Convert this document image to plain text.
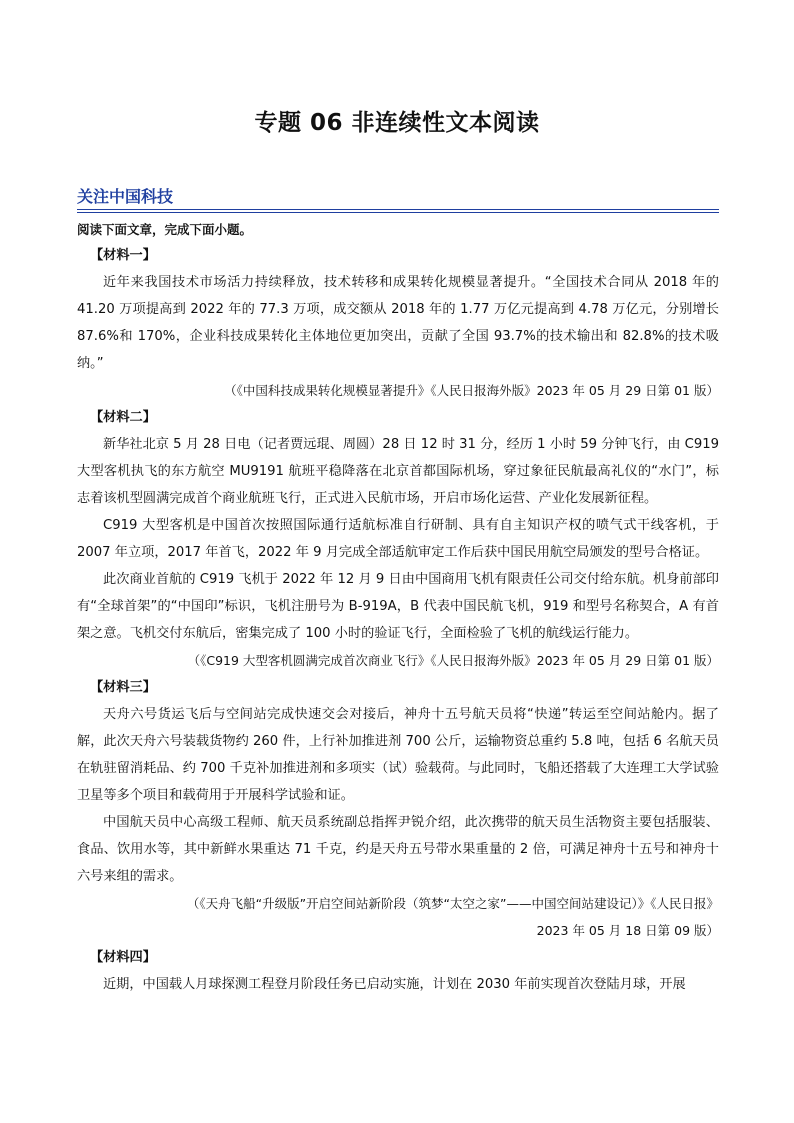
专题 06 非连续性文本阅读
关注中国科技

阅读下面文章，完成下面小题。

【材料一】

近年来我国技术市场活力持续释放，技术转移和成果转化规模显著提升。“全国技术合同从 2018 年的 41.20 万项提高到 2022 年的 77.3 万项，成交额从 2018 年的 1.77 万亿元提高到 4.78 万亿元，分别增长 87.6%和 170%，企业科技成果转化主体地位更加突出，贡献了全国 93.7%的技术输出和 82.8%的技术吸纳。”

（《中国科技成果转化规模显著提升》《人民日报海外版》2023 年 05 月 29 日第 01 版）

【材料二】

新华社北京 5 月 28 日电（记者贾远琨、周圆）28 日 12 时 31 分，经历 1 小时 59 分钟飞行，由 C919 大型客机执飞的东方航空 MU9191 航班平稳降落在北京首都国际机场，穿过象征民航最高礼仪的“水门”，标志着该机型圆满完成首个商业航班飞行，正式进入民航市场，开启市场化运营、产业化发展新征程。

C919 大型客机是中国首次按照国际通行适航标准自行研制、具有自主知识产权的喷气式干线客机，于 2007 年立项，2017 年首飞，2022 年 9 月完成全部适航审定工作后获中国民用航空局颁发的型号合格证。

此次商业首航的 C919 飞机于 2022 年 12 月 9 日由中国商用飞机有限责任公司交付给东航。机身前部印有“全球首架”的“中国印”标识，飞机注册号为 B-919A，B 代表中国民航飞机，919 和型号名称契合，A 有首架之意。飞机交付东航后，密集完成了 100 小时的验证飞行，全面检验了飞机的航线运行能力。

（《C919 大型客机圆满完成首次商业飞行》《人民日报海外版》2023 年 05 月 29 日第 01 版）

【材料三】

天舟六号货运飞后与空间站完成快速交会对接后，神舟十五号航天员将“快递”转运至空间站舱内。据了解，此次天舟六号装载货物约 260 件，上行补加推进剂 700 公斤，运输物资总重约 5.8 吨，包括 6 名航天员在轨驻留消耗品、约 700 千克补加推进剂和多项实（试）验载荷。与此同时，飞船还搭载了大连理工大学试验卫星等多个项目和载荷用于开展科学试验和证。

中国航天员中心高级工程师、航天员系统副总指挥尹锐介绍，此次携带的航天员生活物资主要包括服装、食品、饮用水等，其中新鲜水果重达 71 千克，约是天舟五号带水果重量的 2 倍，可满足神舟十五号和神舟十六号来组的需求。

（《天舟飞船“升级版”开启空间站新阶段（筑梦“太空之家”——中国空间站建设记）》《人民日报》

2023 年 05 月 18 日第 09 版）

【材料四】

近期，中国载人月球探测工程登月阶段任务已启动实施，计划在 2030 年前实现首次登陆月球，开展
